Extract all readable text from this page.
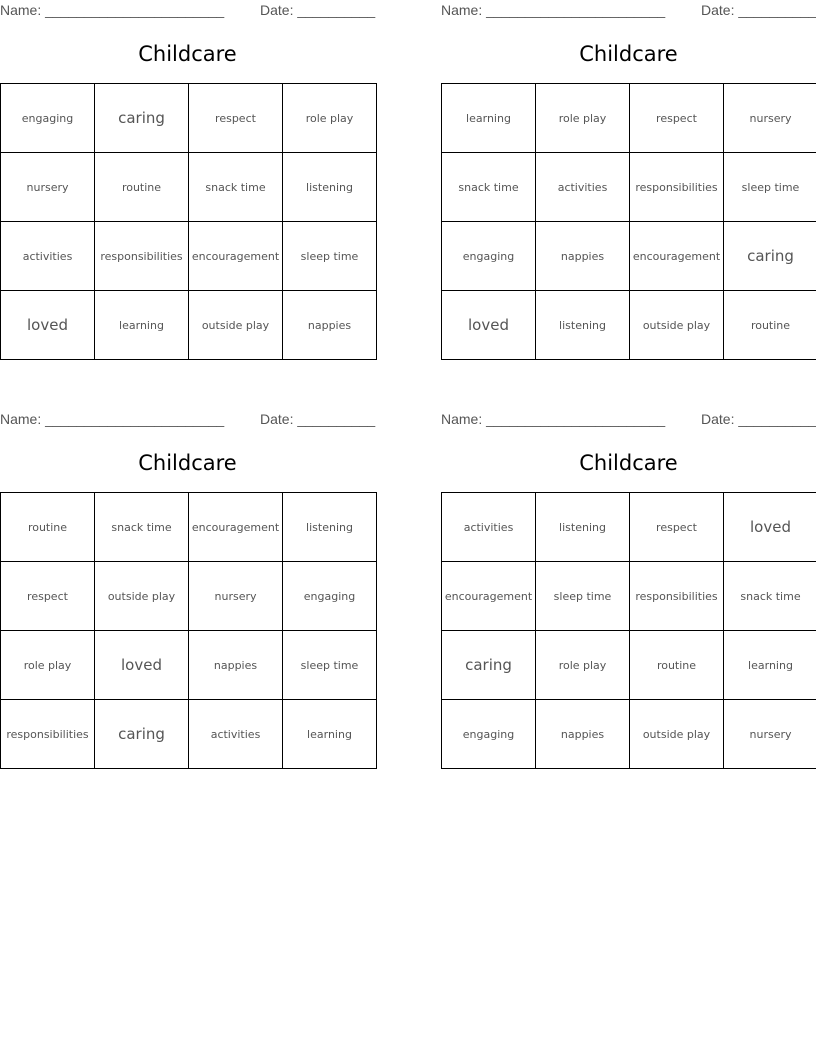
Name: _______________________	Date: __________
Childcare
engaging	caring	respect	role play
nursery	routine	snack time	listening
activities	responsibilities	encouragement	sleep time
loved	learning	outside play	nappies
Name: _______________________	Date: __________
Childcare
learning	role play	respect	nursery
snack time	activities	responsibilities	sleep time
engaging	nappies	encouragement	caring
loved	listening	outside play	routine
Name: _______________________	Date: __________
Childcare
routine	snack time	encouragement	listening
respect	outside play	nursery	engaging
role play	loved	nappies	sleep time
responsibilities	caring	activities	learning
Name: _______________________	Date: __________
Childcare
activities	listening	respect	loved
encouragement	sleep time	responsibilities	snack time
caring	role play	routine	learning
engaging	nappies	outside play	nursery
